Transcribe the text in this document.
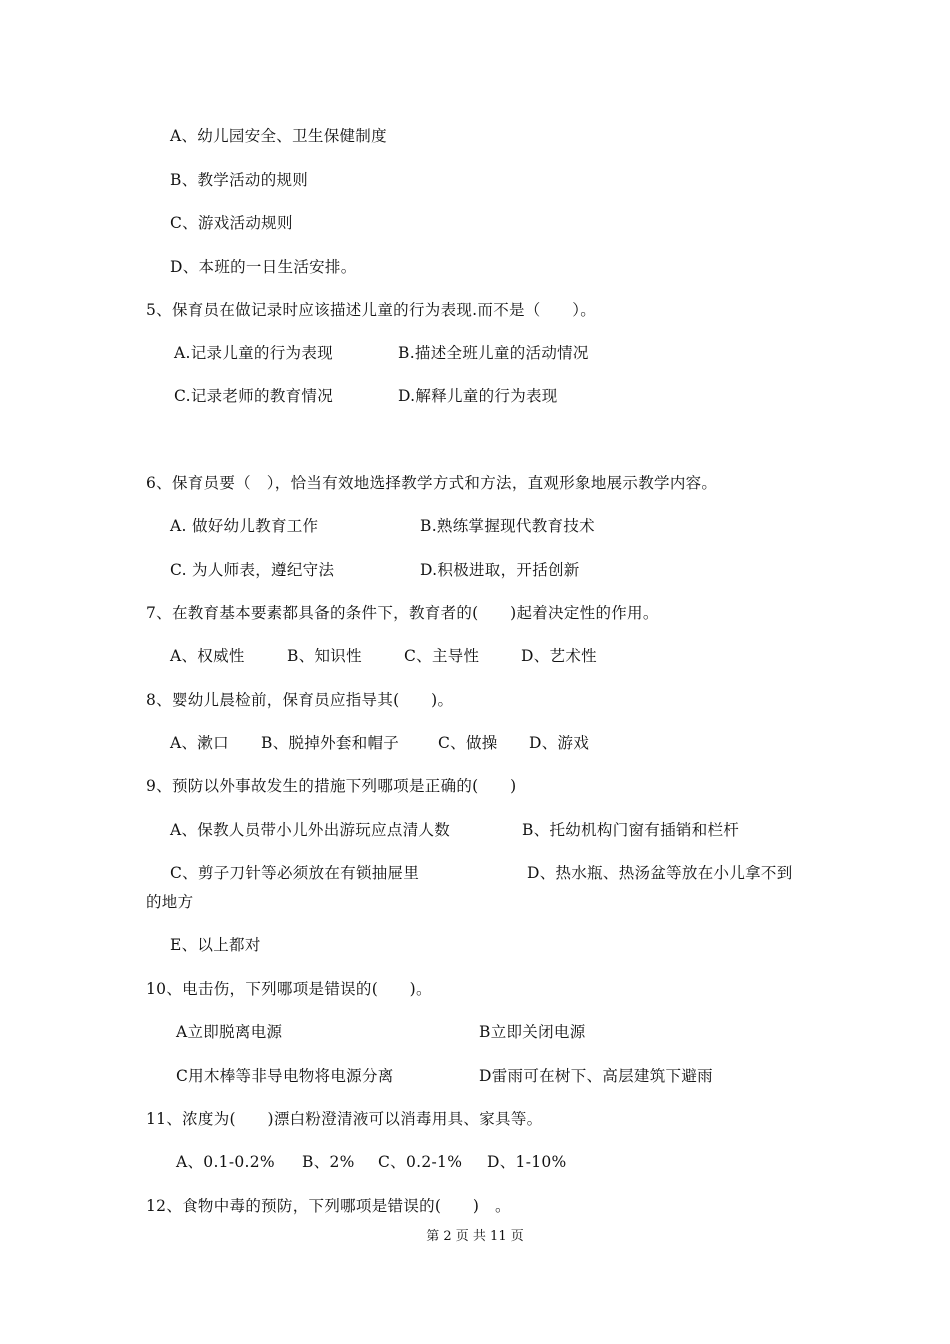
A、幼儿园安全、卫生保健制度
B、教学活动的规则
C、游戏活动规则
D、本班的一日生活安排。
5、保育员在做记录时应该描述儿童的行为表现.而不是（　　）。
A.记录儿童的行为表现	B.描述全班儿童的活动情况
C.记录老师的教育情况	D.解释儿童的行为表现
6、保育员要（　），恰当有效地选择教学方式和方法，直观形象地展示教学内容。
A. 做好幼儿教育工作	B.熟练掌握现代教育技术
C. 为人师表，遵纪守法	D.积极进取，开括创新
7、在教育基本要素都具备的条件下，教育者的(　　)起着决定性的作用。
A、权威性	B、知识性	C、主导性	D、艺术性
8、婴幼儿晨检前，保育员应指导其(　　)。
A、漱口 B、脱掉外套和帽子	C、做操 D、游戏
9、预防以外事故发生的措施下列哪项是正确的(　　)
A、保教人员带小儿外出游玩应点清人数	B、托幼机构门窗有插销和栏杆
C、剪子刀针等必须放在有锁抽屉里	D、热水瓶、热汤盆等放在小儿拿不到
的地方
E、以上都对
10、电击伤，下列哪项是错误的(　　)。
A立即脱离电源	B立即关闭电源
C用木棒等非导电物将电源分离	D雷雨可在树下、高层建筑下避雨
11、浓度为(　　)漂白粉澄清液可以消毒用具、家具等。
A、0.1-0.2% B、2% C、0.2-1% D、1-10%
12、食物中毒的预防，下列哪项是错误的(　　)　。
第 2 页 共 11 页
